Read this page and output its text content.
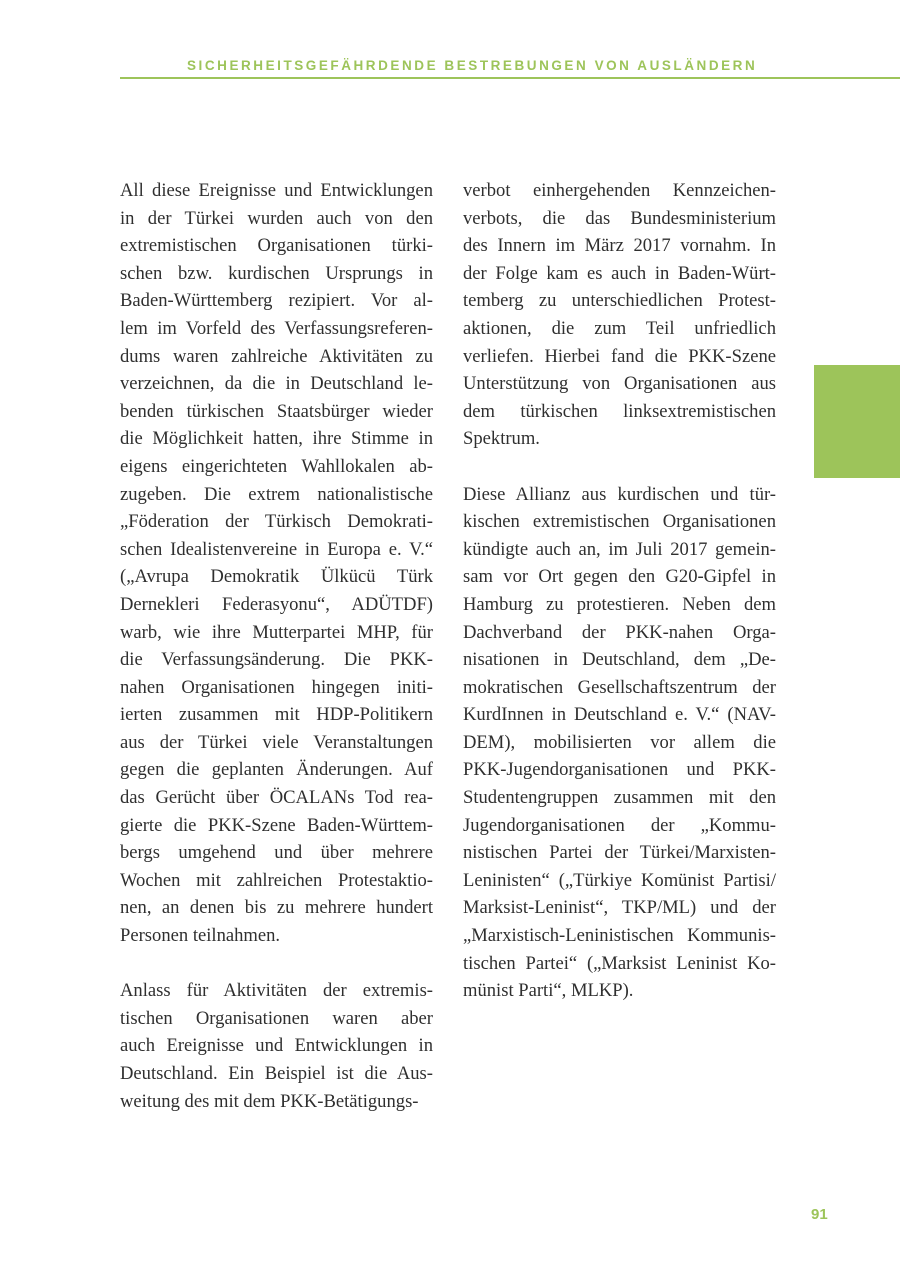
SICHERHEITSGEFÄHRDENDE BESTREBUNGEN VON AUSLÄNDERN

All diese Ereignisse und Entwicklungen
in der Türkei wurden auch von den
extremistischen Organisationen türki-
schen bzw. kurdischen Ursprungs in
Baden-Württemberg rezipiert. Vor al-
lem im Vorfeld des Verfassungsreferen-
dums waren zahlreiche Aktivitäten zu
verzeichnen, da die in Deutschland le-
benden türkischen Staatsbürger wieder
die Möglichkeit hatten, ihre Stimme in
eigens eingerichteten Wahllokalen ab-
zugeben. Die extrem nationalistische
„Föderation der Türkisch Demokrati-
schen Idealistenvereine in Europa e. V.“
(„Avrupa Demokratik Ülkücü Türk
Dernekleri Federasyonu“, ADÜTDF)
warb, wie ihre Mutterpartei MHP, für
die Verfassungsänderung. Die PKK-
nahen Organisationen hingegen initi-
ierten zusammen mit HDP-Politikern
aus der Türkei viele Veranstaltungen
gegen die geplanten Änderungen. Auf
das Gerücht über ÖCALANs Tod rea-
gierte die PKK-Szene Baden-Württem-
bergs umgehend und über mehrere
Wochen mit zahlreichen Protestaktio-
nen, an denen bis zu mehrere hundert
Personen teilnahmen.

Anlass für Aktivitäten der extremis-
tischen Organisationen waren aber
auch Ereignisse und Entwicklungen in
Deutschland. Ein Beispiel ist die Aus-
weitung des mit dem PKK-Betätigungs-

verbot einhergehenden Kennzeichen-
verbots, die das Bundesministerium
des Innern im März 2017 vornahm. In
der Folge kam es auch in Baden-Würt-
temberg zu unterschiedlichen Protest-
aktionen, die zum Teil unfriedlich
verliefen. Hierbei fand die PKK-Szene
Unterstützung von Organisationen aus
dem türkischen linksextremistischen
Spektrum.

Diese Allianz aus kurdischen und tür-
kischen extremistischen Organisationen
kündigte auch an, im Juli 2017 gemein-
sam vor Ort gegen den G20-Gipfel in
Hamburg zu protestieren. Neben dem
Dachverband der PKK-nahen Orga-
nisationen in Deutschland, dem „De-
mokratischen Gesellschaftszentrum der
KurdInnen in Deutschland e. V.“ (NAV-
DEM), mobilisierten vor allem die
PKK-Jugendorganisationen und PKK-
Studentengruppen zusammen mit den
Jugendorganisationen der „Kommu-
nistischen Partei der Türkei/Marxisten-
Leninisten“ („Türkiye Komünist Partisi/
Marksist-Leninist“, TKP/ML) und der
„Marxistisch-Leninistischen Kommunis-
tischen Partei“ („Marksist Leninist Ko-
münist Parti“, MLKP).

91
